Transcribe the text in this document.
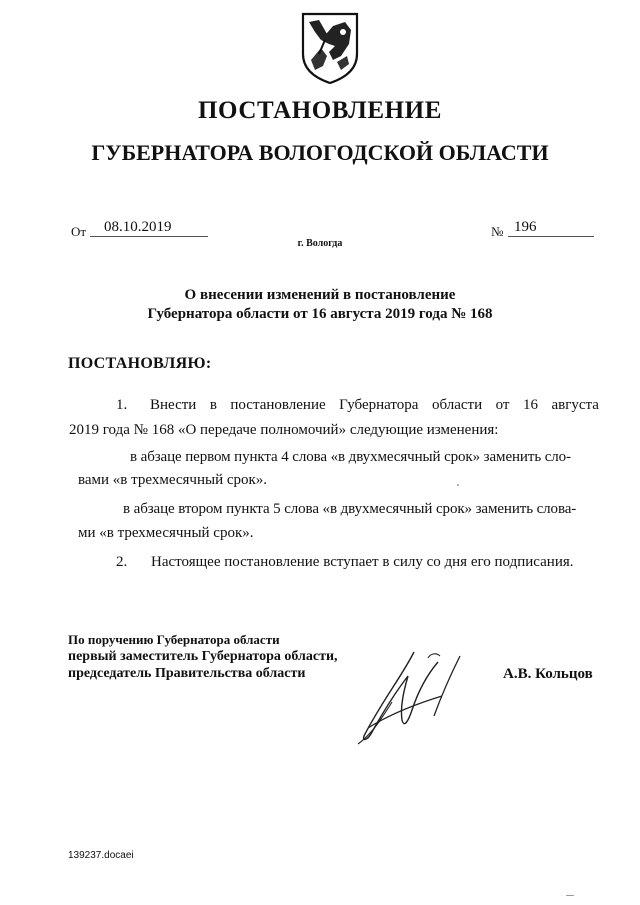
ПОСТАНОВЛЕНИЕ
ГУБЕРНАТОРА ВОЛОГОДСКОЙ ОБЛАСТИ
От 08.10.2019	№ 196
г. Вологда
О внесении изменений в постановление
Губернатора области от 16 августа 2019 года № 168
ПОСТАНОВЛЯЮ:
1. Внести в постановление Губернатора области от 16 августа
2019 года № 168 «О передаче полномочий» следующие изменения:
в абзаце первом пункта 4 слова «в двухмесячный срок» заменить сло-
вами «в трехмесячный срок».
в абзаце втором пункта 5 слова «в двухмесячный срок» заменить слова-
ми «в трехмесячный срок».
2. Настоящее постановление вступает в силу со дня его подписания.
По поручению Губернатора области
первый заместитель Губернатора области,
председатель Правительства области	А.В. Кольцов
139237.docaei
